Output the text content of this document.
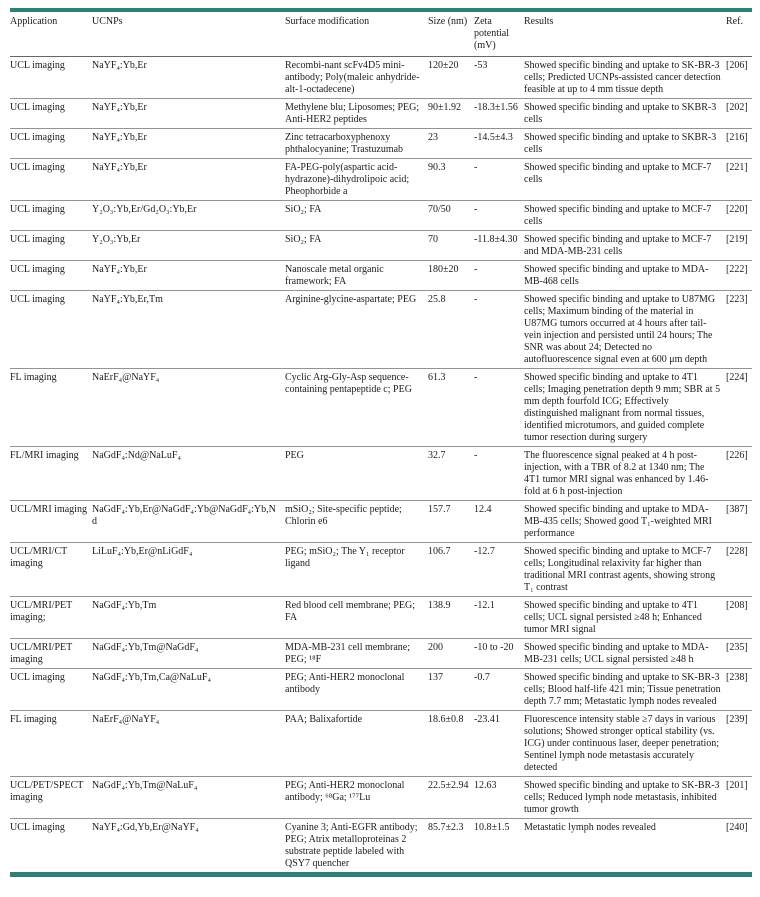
Application	UCNPs	Surface modification	Size (nm)	Zeta potential (mV)	Results	Ref.
UCL imaging	NaYF₄:Yb,Er	Recombi-nant scFv4D5 mini-antibody; Poly(maleic anhydride-alt-1-octadecene)	120±20	-53	Showed specific binding and uptake to SK-BR-3 cells; Predicted UCNPs-assisted cancer detection feasible at up to 4 mm tissue depth	[206]
UCL imaging	NaYF₄:Yb,Er	Methylene blu; Liposomes; PEG; Anti-HER2 peptides	90±1.92	-18.3±1.56	Showed specific binding and uptake to SKBR-3 cells	[202]
UCL imaging	NaYF₄:Yb,Er	Zinc tetracarboxyphenoxy phthalocyanine; Trastuzumab	23	-14.5±4.3	Showed specific binding and uptake to SKBR-3 cells	[216]
UCL imaging	NaYF₄:Yb,Er	FA-PEG-poly(aspartic acid-hydrazone)-dihydrolipoic acid; Pheophorbide a	90.3	-	Showed specific binding and uptake to MCF-7 cells	[221]
UCL imaging	Y₂O₃:Yb,Er/Gd₂O₃:Yb,Er	SiO₂; FA	70/50	-	Showed specific binding and uptake to MCF-7 cells	[220]
UCL imaging	Y₂O₃:Yb,Er	SiO₂; FA	70	-11.8±4.30	Showed specific binding and uptake to MCF-7 and MDA-MB-231 cells	[219]
UCL imaging	NaYF₄:Yb,Er	Nanoscale metal organic framework; FA	180±20	-	Showed specific binding and uptake to MDA-MB-468 cells	[222]
UCL imaging	NaYF₄:Yb,Er,Tm	Arginine-glycine-aspartate; PEG	25.8	-	Showed specific binding and uptake to U87MG cells; Maximum binding of the material in U87MG tumors occurred at 4 hours after tail-vein injection and persisted until 24 hours; The SNR was about 24; Detected no autofluorescence signal even at 600 μm depth	[223]
FL imaging	NaErF₄@NaYF₄	Cyclic Arg-Gly-Asp sequence-containing pentapeptide c; PEG	61.3	-	Showed specific binding and uptake to 4T1 cells; Imaging penetration depth 9 mm; SBR at 5 mm depth fourfold ICG; Effectively distinguished malignant from normal tissues, identified microtumors, and guided complete tumor resection during surgery	[224]
FL/MRI imaging	NaGdF₄:Nd@NaLuF₄	PEG	32.7	-	The fluorescence signal peaked at 4 h post-injection, with a TBR of 8.2 at 1340 nm; The 4T1 tumor MRI signal was enhanced by 1.46-fold at 6 h post-injection	[226]
UCL/MRI imaging	NaGdF₄:Yb,Er@NaGdF₄:Yb@NaGdF₄:Yb,Nd	mSiO₂; Site-specific peptide; Chlorin e6	157.7	12.4	Showed specific binding and uptake to MDA-MB-435 cells; Showed good T₁-weighted MRI performance	[387]
UCL/MRI/CT imaging	LiLuF₄:Yb,Er@nLiGdF₄	PEG; mSiO₂; The Y₁ receptor ligand	106.7	-12.7	Showed specific binding and uptake to MCF-7 cells; Longitudinal relaxivity far higher than traditional MRI contrast agents, showing strong T₁ contrast	[228]
UCL/MRI/PET imaging;	NaGdF₄:Yb,Tm	Red blood cell membrane; PEG; FA	138.9	-12.1	Showed specific binding and uptake to 4T1 cells; UCL signal persisted ≥48 h; Enhanced tumor MRI signal	[208]
UCL/MRI/PET imaging	NaGdF₄:Yb,Tm@NaGdF₄	MDA-MB-231 cell membrane; PEG; ¹⁸F	200	-10 to -20	Showed specific binding and uptake to MDA-MB-231 cells; UCL signal persisted ≥48 h	[235]
UCL imaging	NaGdF₄:Yb,Tm,Ca@NaLuF₄	PEG; Anti-HER2 monoclonal antibody	137	-0.7	Showed specific binding and uptake to SK-BR-3 cells; Blood half-life 421 min; Tissue penetration depth 7.7 mm; Metastatic lymph nodes revealed	[238]
FL imaging	NaErF₄@NaYF₄	PAA; Balixafortide	18.6±0.8	-23.41	Fluorescence intensity stable ≥7 days in various solutions; Showed stronger optical stability (vs. ICG) under continuous laser, deeper penetration; Sentinel lymph node metastasis accurately detected	[239]
UCL/PET/SPECT imaging	NaGdF₄:Yb,Tm@NaLuF₄	PEG; Anti-HER2 monoclonal antibody; ⁶⁸Ga; ¹⁷⁷Lu	22.5±2.94	12.63	Showed specific binding and uptake to SK-BR-3 cells; Reduced lymph node metastasis, inhibited tumor growth	[201]
UCL imaging	NaYF₄:Gd,Yb,Er@NaYF₄	Cyanine 3; Anti-EGFR antibody; PEG; Atrix metalloproteinas 2 substrate peptide labeled with QSY7 quencher	85.7±2.3	10.8±1.5	Metastatic lymph nodes revealed	[240]
